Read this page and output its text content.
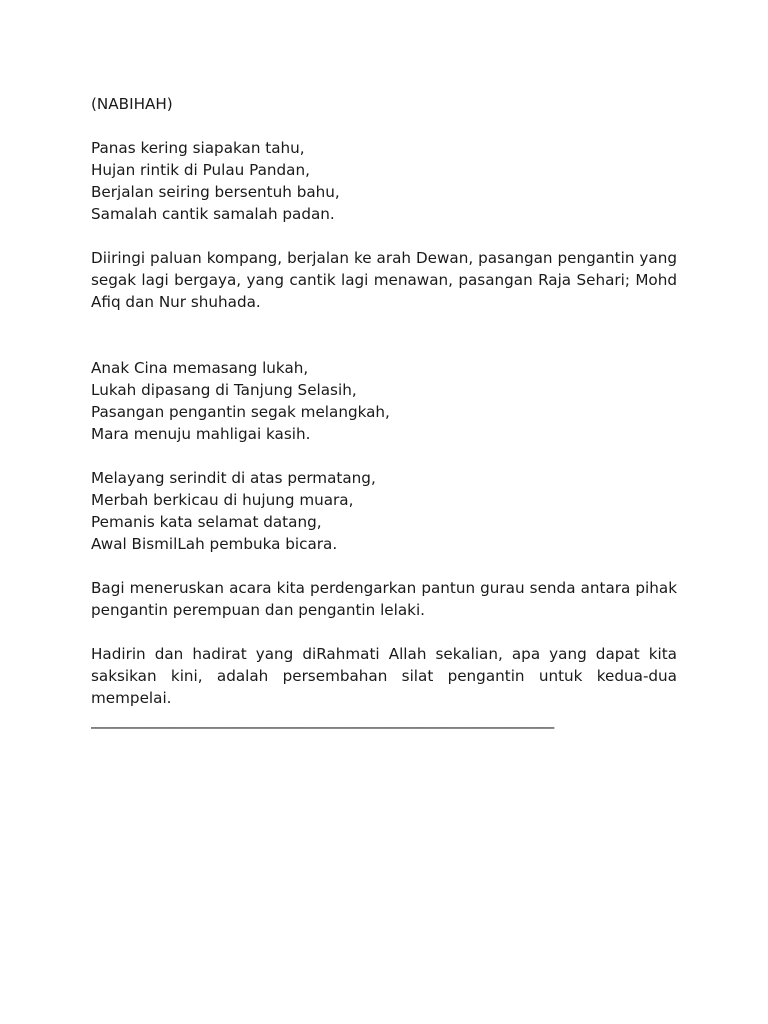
(NABIHAH)
Panas kering siapakan tahu,
Hujan rintik di Pulau Pandan,
Berjalan seiring bersentuh bahu,
Samalah cantik samalah padan.

Diiringi paluan kompang, berjalan ke arah Dewan, pasangan pengantin yang segak lagi bergaya, yang cantik lagi menawan, pasangan Raja Sehari; Mohd Afiq dan Nur shuhada.

Anak Cina memasang lukah,
Lukah dipasang di Tanjung Selasih,
Pasangan pengantin segak melangkah,
Mara menuju mahligai kasih.
Melayang serindit di atas permatang,
Merbah berkicau di hujung muara,
Pemanis kata selamat datang,
Awal BismilLah pembuka bicara.

Bagi meneruskan acara kita perdengarkan pantun gurau senda antara pihak pengantin perempuan dan pengantin lelaki.

Hadirin dan hadirat yang diRahmati Allah sekalian, apa yang dapat kita saksikan kini, adalah persembahan silat pengantin untuk kedua-dua mempelai.

_____________________________________________________________
